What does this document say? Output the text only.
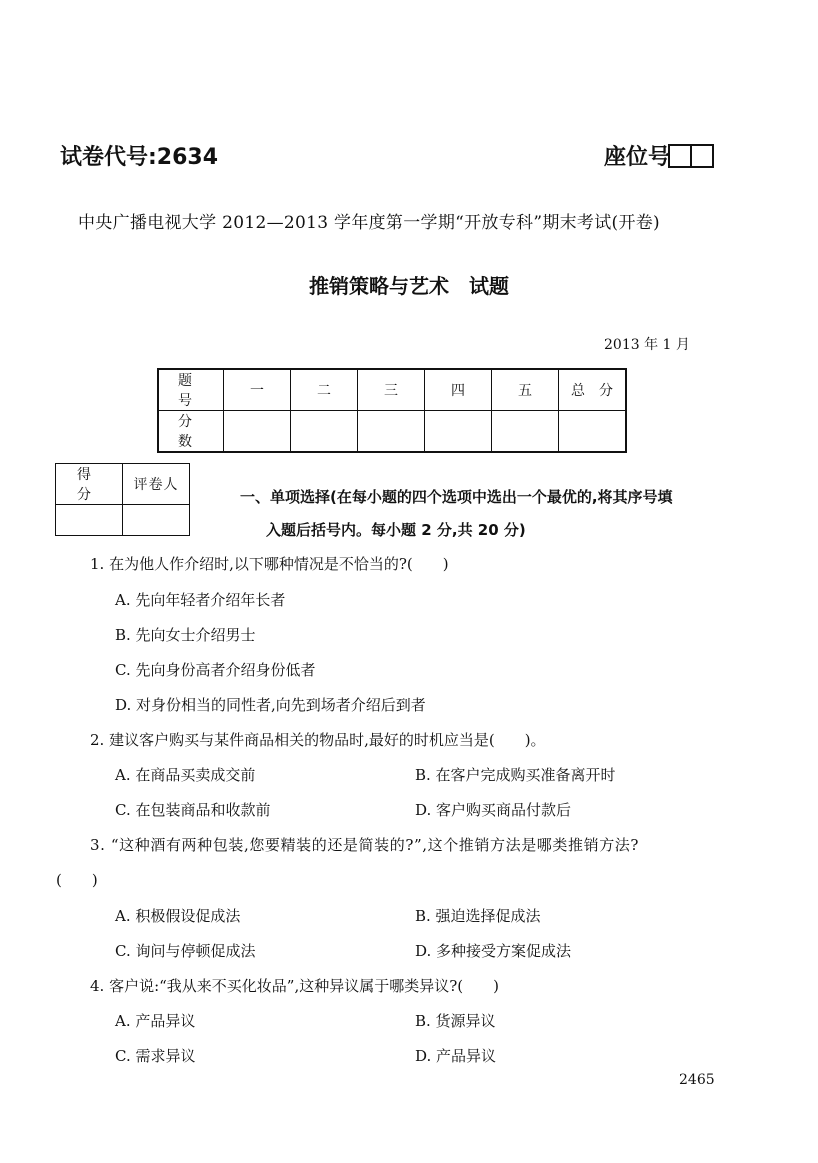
试卷代号:2634	座位号
中央广播电视大学 2012—2013 学年度第一学期“开放专科”期末考试(开卷)
推销策略与艺术　试题
2013 年 1 月
题　号	一	二	三	四	五	总　分
分　数						
得　分	评卷人

一、单项选择(在每小题的四个选项中选出一个最优的,将其序号填
入题后括号内。每小题 2 分,共 20 分)
1. 在为他人作介绍时,以下哪种情况是不恰当的?(　　)
A. 先向年轻者介绍年长者
B. 先向女士介绍男士
C. 先向身份高者介绍身份低者
D. 对身份相当的同性者,向先到场者介绍后到者
2. 建议客户购买与某件商品相关的物品时,最好的时机应当是(　　)。
A. 在商品买卖成交前	B. 在客户完成购买准备离开时
C. 在包装商品和收款前	D. 客户购买商品付款后
3. “这种酒有两种包装,您要精装的还是简装的?”,这个推销方法是哪类推销方法?
(　　)
A. 积极假设促成法	B. 强迫选择促成法
C. 询问与停顿促成法	D. 多种接受方案促成法
4. 客户说:“我从来不买化妆品”,这种异议属于哪类异议?(　　)
A. 产品异议	B. 货源异议
C. 需求异议	D. 产品异议
2465
